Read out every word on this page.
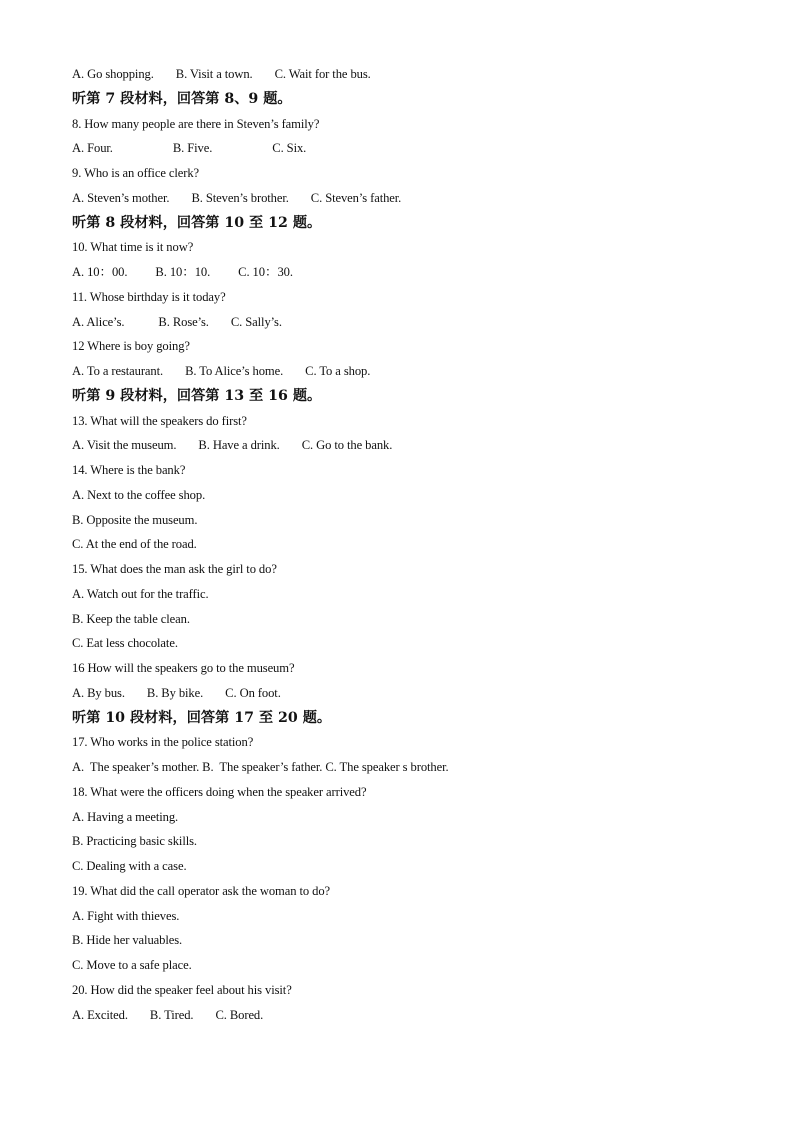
A. Go shopping. B. Visit a town. C. Wait for the bus.
听第 7 段材料，回答第 8、9 题。
8. How many people are there in Steven’s family?
A. Four.	B. Five.	C. Six.
9. Who is an office clerk?
A. Steven’s mother. B. Steven’s brother. C. Steven’s father.
听第 8 段材料，回答第 10 至 12 题。
10. What time is it now?
A. 10：00. B. 10：10. C. 10：30.
11. Whose birthday is it today?
A. Alice’s.	B. Rose’s. C. Sally’s.
12 Where is boy going?
A. To a restaurant. B. To Alice’s home. C. To a shop.
听第 9 段材料，回答第 13 至 16 题。
13. What will the speakers do first?
A. Visit the museum. B. Have a drink. C. Go to the bank.
14. Where is the bank?
A. Next to the coffee shop.
B. Opposite the museum.
C. At the end of the road.
15. What does the man ask the girl to do?
A. Watch out for the traffic.
B. Keep the table clean.
C. Eat less chocolate.
16 How will the speakers go to the museum?
A. By bus. B. By bike. C. On foot.
听第 10 段材料，回答第 17 至 20 题。
17. Who works in the police station?
A.  The speaker’s mother. B.  The speaker’s father. C. The speaker s brother.
18. What were the officers doing when the speaker arrived?
A. Having a meeting.
B. Practicing basic skills.
C. Dealing with a case.
19. What did the call operator ask the woman to do?
A. Fight with thieves.
B. Hide her valuables.
C. Move to a safe place.
20. How did the speaker feel about his visit?
A. Excited. B. Tired. C. Bored.
